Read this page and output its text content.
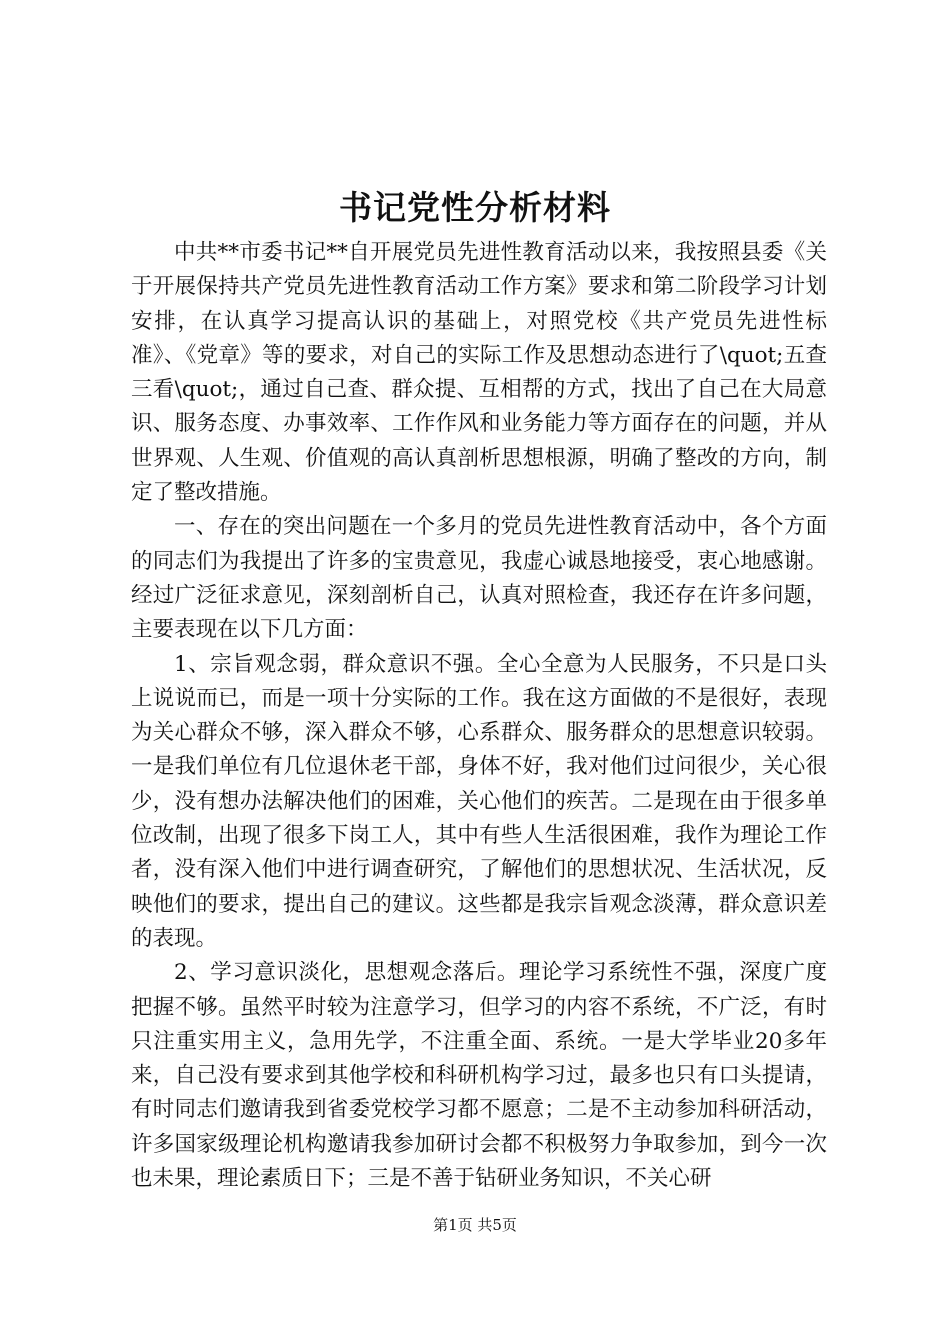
书记党性分析材料

中共**市委书记**自开展党员先进性教育活动以来，我按照县委《关于开展保持共产党员先进性教育活动工作方案》要求和第二阶段学习计划安排，在认真学习提高认识的基础上，对照党校《共产党员先进性标准》、《党章》等的要求，对自己的实际工作及思想动态进行了\quot;五查三看\quot;，通过自己查、群众提、互相帮的方式，找出了自己在大局意识、服务态度、办事效率、工作作风和业务能力等方面存在的问题，并从世界观、人生观、价值观的高认真剖析思想根源，明确了整改的方向，制定了整改措施。

一、存在的突出问题在一个多月的党员先进性教育活动中，各个方面的同志们为我提出了许多的宝贵意见，我虚心诚恳地接受，衷心地感谢。经过广泛征求意见，深刻剖析自己，认真对照检查，我还存在许多问题，主要表现在以下几方面：

1、宗旨观念弱，群众意识不强。全心全意为人民服务，不只是口头上说说而已，而是一项十分实际的工作。我在这方面做的不是很好，表现为关心群众不够，深入群众不够，心系群众、服务群众的思想意识较弱。一是我们单位有几位退休老干部，身体不好，我对他们过问很少，关心很少，没有想办法解决他们的困难，关心他们的疾苦。二是现在由于很多单位改制，出现了很多下岗工人，其中有些人生活很困难，我作为理论工作者，没有深入他们中进行调查研究，了解他们的思想状况、生活状况，反映他们的要求，提出自己的建议。这些都是我宗旨观念淡薄，群众意识差的表现。

2、学习意识淡化，思想观念落后。理论学习系统性不强，深度广度把握不够。虽然平时较为注意学习，但学习的内容不系统，不广泛，有时只注重实用主义，急用先学，不注重全面、系统。一是大学毕业20多年来，自己没有要求到其他学校和科研机构学习过，最多也只有口头提请，有时同志们邀请我到省委党校学习都不愿意；二是不主动参加科研活动，许多国家级理论机构邀请我参加研讨会都不积极努力争取参加，到今一次也未果，理论素质日下；三是不善于钻研业务知识，不关心研

第1页 共5页
